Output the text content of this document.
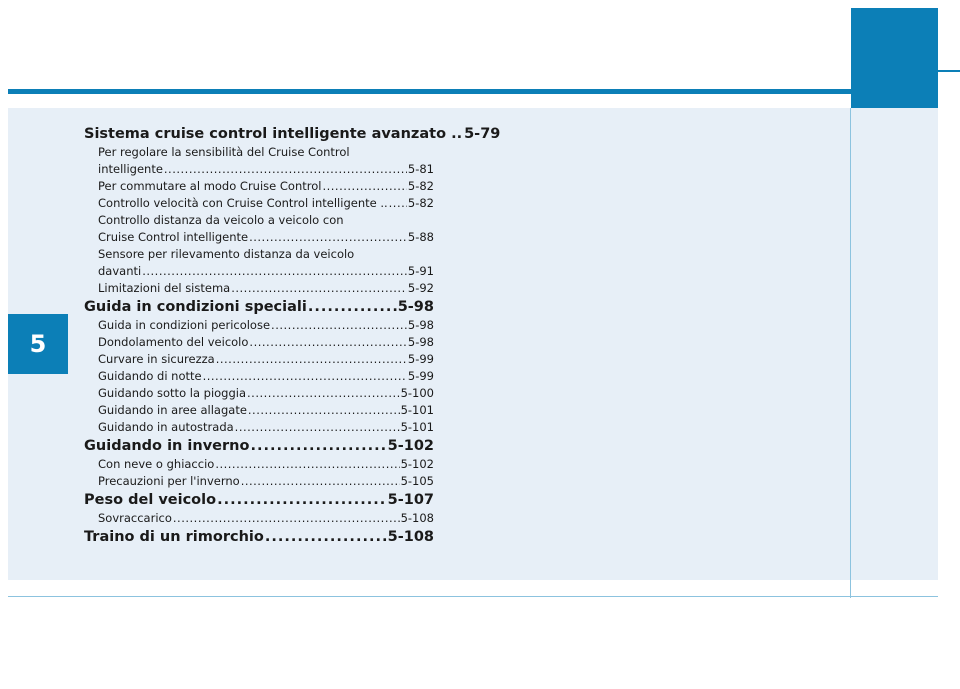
5
Sistema cruise control intelligente avanzato .. 5-79
Per regolare la sensibilità del Cruise Control
intelligente .....	5-81
Per commutare al modo Cruise Control .....	5-82
Controllo velocità con Cruise Control intelligente .. ..... 5-82
Controllo distanza da veicolo a veicolo con
Cruise Control intelligente .....	5-88
Sensore per rilevamento distanza da veicolo
davanti .....	5-91
Limitazioni del sistema .....	5-92
Guida in condizioni speciali .....	5-98
Guida in condizioni pericolose .....	5-98
Dondolamento del veicolo .....	5-98
Curvare in sicurezza .....	5-99
Guidando di notte .....	5-99
Guidando sotto la pioggia .....	5-100
Guidando in aree allagate .....	5-101
Guidando in autostrada .....	5-101
Guidando in inverno .....	5-102
Con neve o ghiaccio .....	5-102
Precauzioni per l'inverno .....	5-105
Peso del veicolo .....	5-107
Sovraccarico .....	5-108
Traino di un rimorchio .....	5-108
